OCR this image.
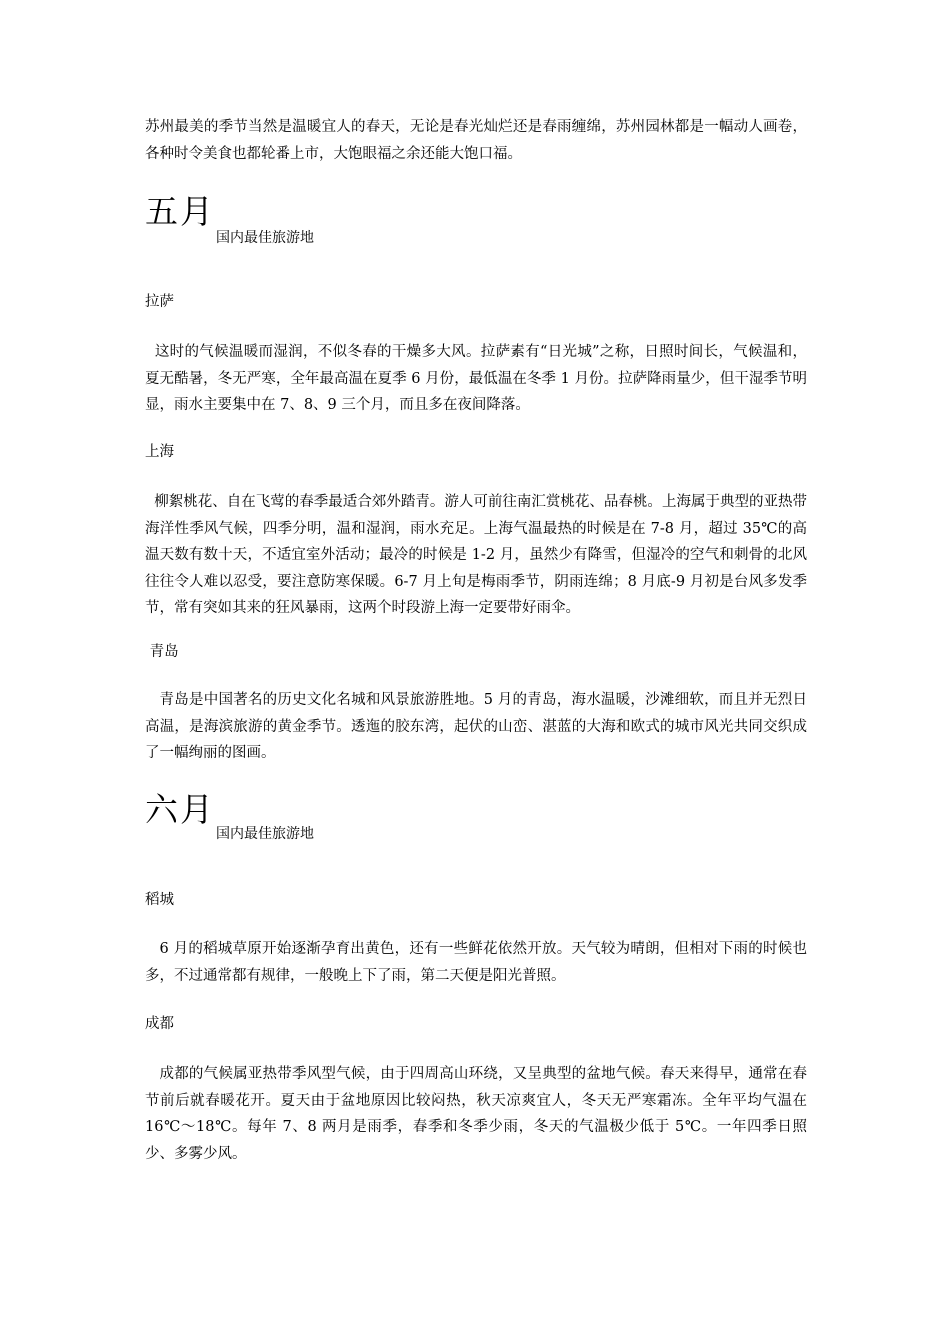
苏州最美的季节当然是温暖宜人的春天，无论是春光灿烂还是春雨缠绵，苏州园林都是一幅动人画卷，各种时令美食也都轮番上市，大饱眼福之余还能大饱口福。

五月

国内最佳旅游地

拉萨

这时的气候温暖而湿润，不似冬春的干燥多大风。拉萨素有“日光城”之称，日照时间长，气候温和，夏无酷暑，冬无严寒，全年最高温在夏季 6 月份，最低温在冬季 1 月份。拉萨降雨量少，但干湿季节明显，雨水主要集中在 7、8、9 三个月，而且多在夜间降落。

上海

柳絮桃花、自在飞莺的春季最适合郊外踏青。游人可前往南汇赏桃花、品春桃。上海属于典型的亚热带海洋性季风气候，四季分明，温和湿润，雨水充足。上海气温最热的时候是在 7-8 月，超过 35℃的高温天数有数十天，不适宜室外活动；最冷的时候是 1-2 月，虽然少有降雪，但湿冷的空气和刺骨的北风往往令人难以忍受，要注意防寒保暖。6-7 月上旬是梅雨季节，阴雨连绵；8 月底-9 月初是台风多发季节，常有突如其来的狂风暴雨，这两个时段游上海一定要带好雨伞。

青岛

青岛是中国著名的历史文化名城和风景旅游胜地。5 月的青岛，海水温暖，沙滩细软，而且并无烈日高温，是海滨旅游的黄金季节。透迤的胶东湾，起伏的山峦、湛蓝的大海和欧式的城市风光共同交织成了一幅绚丽的图画。

六月

国内最佳旅游地

稻城

6 月的稻城草原开始逐渐孕育出黄色，还有一些鲜花依然开放。天气较为晴朗，但相对下雨的时候也多，不过通常都有规律，一般晚上下了雨，第二天便是阳光普照。

成都

成都的气候属亚热带季风型气候，由于四周高山环绕，又呈典型的盆地气候。春天来得早，通常在春节前后就春暖花开。夏天由于盆地原因比较闷热，秋天凉爽宜人，冬天无严寒霜冻。全年平均气温在 16℃～18℃。每年 7、8 两月是雨季，春季和冬季少雨，冬天的气温极少低于 5℃。一年四季日照少、多雾少风。
